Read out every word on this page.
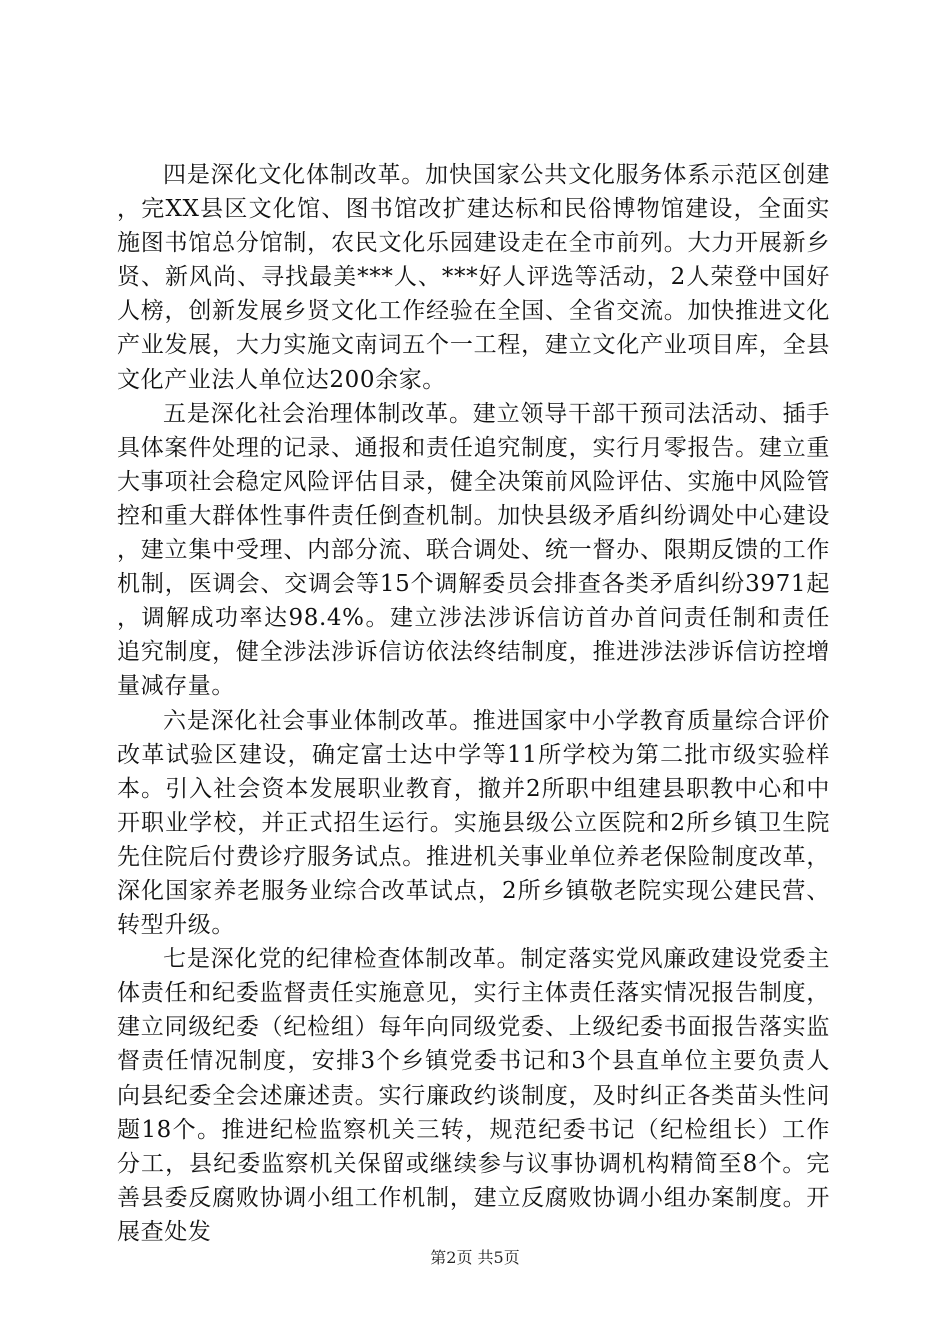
四是深化文化体制改革。加快国家公共文化服务体系示范区创建，完XX县区文化馆、图书馆改扩建达标和民俗博物馆建设，全面实施图书馆总分馆制，农民文化乐园建设走在全市前列。大力开展新乡贤、新风尚、寻找最美***人、***好人评选等活动，2人荣登中国好人榜，创新发展乡贤文化工作经验在全国、全省交流。加快推进文化产业发展，大力实施文南词五个一工程，建立文化产业项目库，全县文化产业法人单位达200余家。

五是深化社会治理体制改革。建立领导干部干预司法活动、插手具体案件处理的记录、通报和责任追究制度，实行月零报告。建立重大事项社会稳定风险评估目录，健全决策前风险评估、实施中风险管控和重大群体性事件责任倒查机制。加快县级矛盾纠纷调处中心建设，建立集中受理、内部分流、联合调处、统一督办、限期反馈的工作机制，医调会、交调会等15个调解委员会排查各类矛盾纠纷3971起，调解成功率达98.4%。建立涉法涉诉信访首办首问责任制和责任追究制度，健全涉法涉诉信访依法终结制度，推进涉法涉诉信访控增量减存量。

六是深化社会事业体制改革。推进国家中小学教育质量综合评价改革试验区建设，确定富士达中学等11所学校为第二批市级实验样本。引入社会资本发展职业教育，撤并2所职中组建县职教中心和中开职业学校，并正式招生运行。实施县级公立医院和2所乡镇卫生院先住院后付费诊疗服务试点。推进机关事业单位养老保险制度改革，深化国家养老服务业综合改革试点，2所乡镇敬老院实现公建民营、转型升级。

七是深化党的纪律检查体制改革。制定落实党风廉政建设党委主体责任和纪委监督责任实施意见，实行主体责任落实情况报告制度，建立同级纪委（纪检组）每年向同级党委、上级纪委书面报告落实监督责任情况制度，安排3个乡镇党委书记和3个县直单位主要负责人向县纪委全会述廉述责。实行廉政约谈制度，及时纠正各类苗头性问题18个。推进纪检监察机关三转，规范纪委书记（纪检组长）工作分工，县纪委监察机关保留或继续参与议事协调机构精简至8个。完善县委反腐败协调小组工作机制，建立反腐败协调小组办案制度。开展查处发

第2页 共5页
